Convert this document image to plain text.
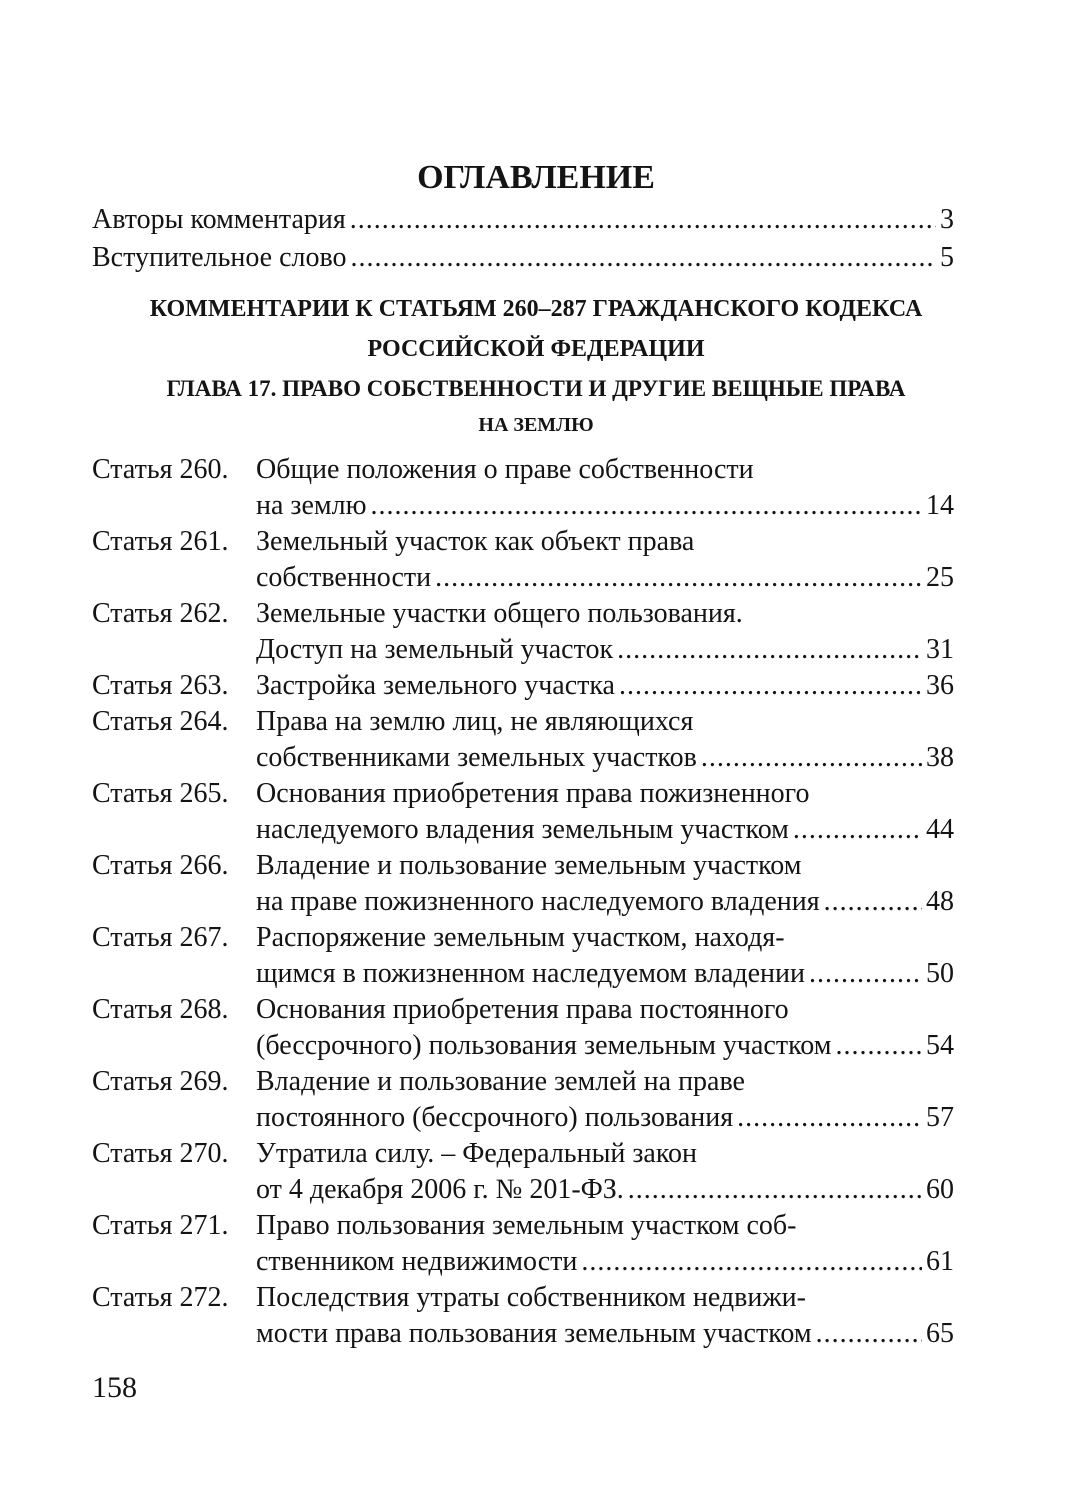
ОГЛАВЛЕНИЕ
Авторы комментария .....	3
Вступительное слово .....	5
КОММЕНТАРИИ К СТАТЬЯМ 260–287 ГРАЖДАНСКОГО КОДЕКСА
РОССИЙСКОЙ ФЕДЕРАЦИИ
ГЛАВА 17. ПРАВО СОБСТВЕННОСТИ И ДРУГИЕ ВЕЩНЫЕ ПРАВА
НА ЗЕМЛЮ
Статья 260. Общие положения о праве собственности
на землю .....	14
Статья 261. Земельный участок как объект права
собственности .....	25
Статья 262. Земельные участки общего пользования.
Доступ на земельный участок .....	31
Статья 263. Застройка земельного участка .....	36
Статья 264. Права на землю лиц, не являющихся
собственниками земельных участков .....	38
Статья 265. Основания приобретения права пожизненного
наследуемого владения земельным участком .....	44
Статья 266. Владение и пользование земельным участком
на праве пожизненного наследуемого владения .....	48
Статья 267. Распоряжение земельным участком, находя-
щимся в пожизненном наследуемом владении .....	50
Статья 268. Основания приобретения права постоянного
(бессрочного) пользования земельным участком .....	54
Статья 269. Владение и пользование землей на праве
постоянного (бессрочного) пользования .....	57
Статья 270. Утратила силу. – Федеральный закон
от 4 декабря 2006 г. № 201-ФЗ. .....	60
Статья 271. Право пользования земельным участком соб-
ственником недвижимости .....	61
Статья 272. Последствия утраты собственником недвижи-
мости права пользования земельным участком .....	65
158
